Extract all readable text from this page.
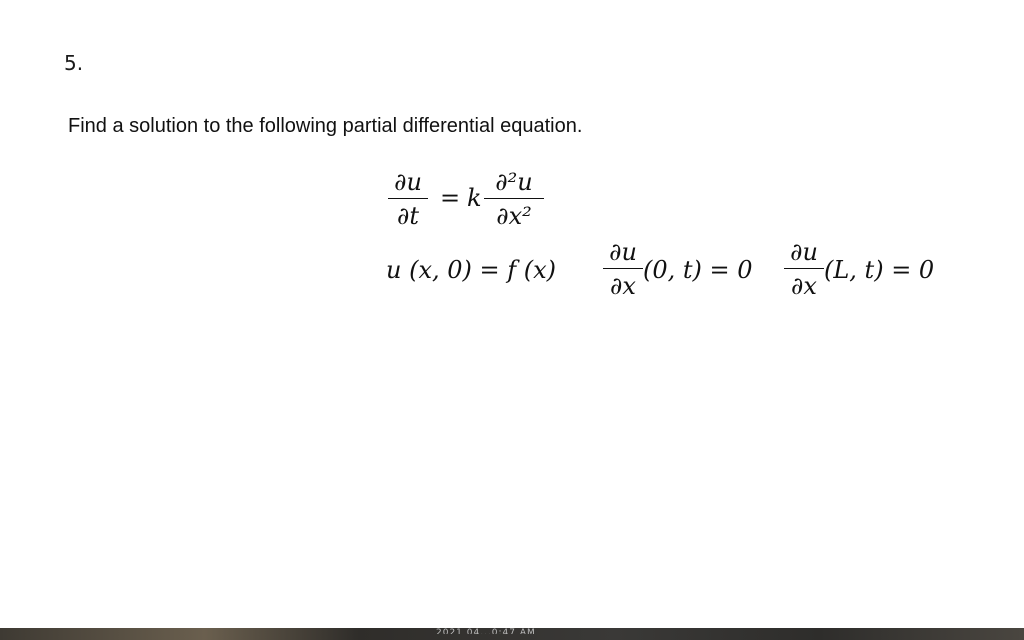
5.
Find a solution to the following partial differential equation.
∂u
∂t
= k
∂²u
∂x²
u (x, 0) = f (x)
∂u
∂x
(0, t) = 0
∂u
∂x
(L, t) = 0
2021 04...0:47 AM
